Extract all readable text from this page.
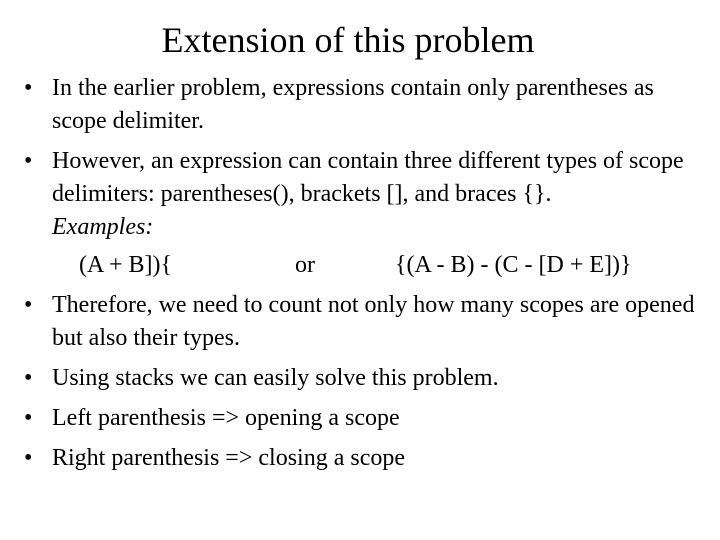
Extension of this problem
• In the earlier problem, expressions contain only parentheses as scope delimiter.
• However, an expression can contain three different types of scope delimiters: parentheses(), brackets [], and braces {}.
Examples:
(A + B]){	or	{(A - B) - (C - [D + E])}
• Therefore, we need to count not only how many scopes are opened but also their types.
• Using stacks we can easily solve this problem.
• Left parenthesis => opening a scope
• Right parenthesis => closing a scope
